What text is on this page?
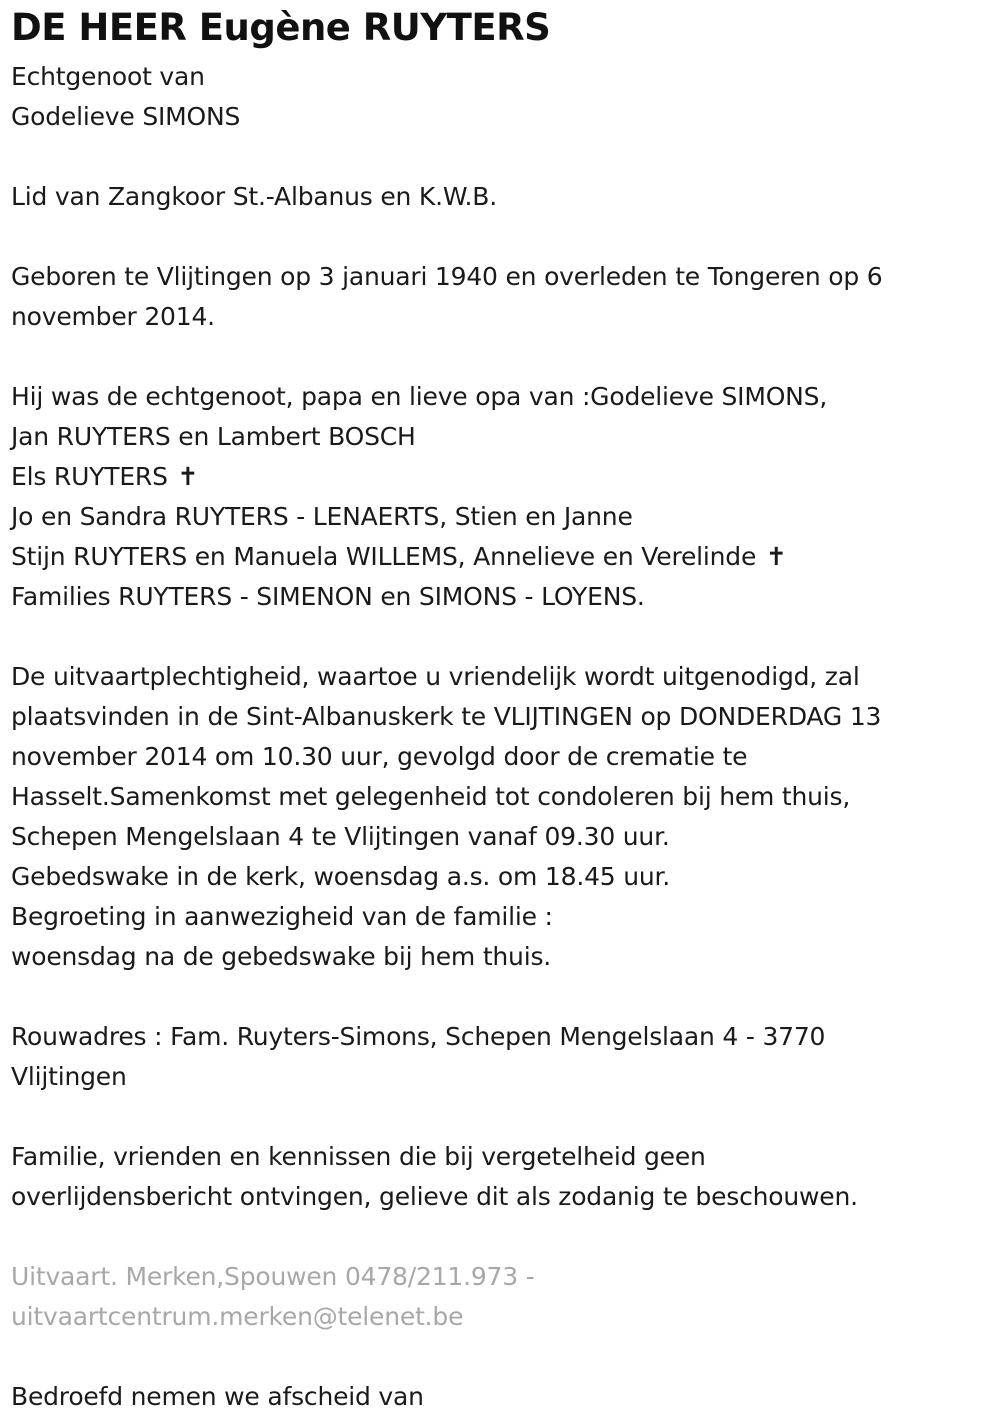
DE HEER Eugène RUYTERS
Echtgenoot van
Godelieve SIMONS
Lid van Zangkoor St.-Albanus en K.W.B.
Geboren te Vlijtingen op 3 januari 1940 en overleden te Tongeren op 6
november 2014.
Hij was de echtgenoot, papa en lieve opa van :Godelieve SIMONS,
Jan RUYTERS en Lambert BOSCH
Els RUYTERS ✝
Jo en Sandra RUYTERS - LENAERTS, Stien en Janne
Stijn RUYTERS en Manuela WILLEMS, Annelieve en Verelinde ✝
Families RUYTERS - SIMENON en SIMONS - LOYENS.
De uitvaartplechtigheid, waartoe u vriendelijk wordt uitgenodigd, zal
plaatsvinden in de Sint-Albanuskerk te VLIJTINGEN op DONDERDAG 13
november 2014 om 10.30 uur, gevolgd door de crematie te
Hasselt.Samenkomst met gelegenheid tot condoleren bij hem thuis,
Schepen Mengelslaan 4 te Vlijtingen vanaf 09.30 uur.
Gebedswake in de kerk, woensdag a.s. om 18.45 uur.
Begroeting in aanwezigheid van de familie :
woensdag na de gebedswake bij hem thuis.
Rouwadres : Fam. Ruyters-Simons, Schepen Mengelslaan 4 - 3770
Vlijtingen
Familie, vrienden en kennissen die bij vergetelheid geen
overlijdensbericht ontvingen, gelieve dit als zodanig te beschouwen.
Uitvaart. Merken,Spouwen 0478/211.973 -
uitvaartcentrum.merken@telenet.be
Bedroefd nemen we afscheid van
